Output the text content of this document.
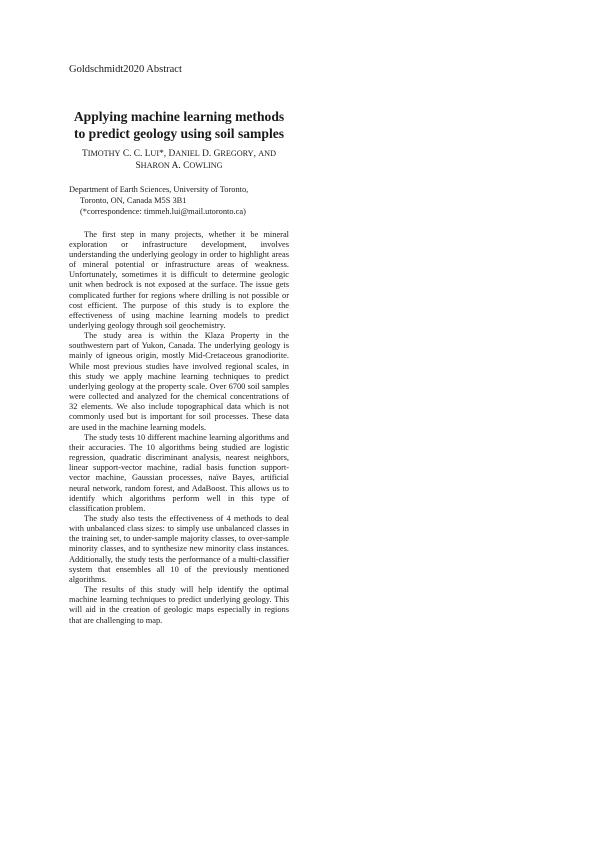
Goldschmidt2020 Abstract
Applying machine learning methods to predict geology using soil samples
TIMOTHY C. C. LUI*, DANIEL D. GREGORY, AND
SHARON A. COWLING
Department of Earth Sciences, University of Toronto,
Toronto, ON, Canada M5S 3B1
(*correspondence: timmeh.lui@mail.utoronto.ca)

The first step in many projects, whether it be mineral exploration or infrastructure development, involves understanding the underlying geology in order to highlight areas of mineral potential or infrastructure areas of weakness. Unfortunately, sometimes it is difficult to determine geologic unit when bedrock is not exposed at the surface. The issue gets complicated further for regions where drilling is not possible or cost efficient. The purpose of this study is to explore the effectiveness of using machine learning models to predict underlying geology through soil geochemistry.

The study area is within the Klaza Property in the southwestern part of Yukon, Canada. The underlying geology is mainly of igneous origin, mostly Mid-Cretaceous granodiorite. While most previous studies have involved regional scales, in this study we apply machine learning techniques to predict underlying geology at the property scale. Over 6700 soil samples were collected and analyzed for the chemical concentrations of 32 elements. We also include topographical data which is not commonly used but is important for soil processes. These data are used in the machine learning models.

The study tests 10 different machine learning algorithms and their accuracies. The 10 algorithms being studied are logistic regression, quadratic discriminant analysis, nearest neighbors, linear support-vector machine, radial basis function support-vector machine, Gaussian processes, naïve Bayes, artificial neural network, random forest, and AdaBoost. This allows us to identify which algorithms perform well in this type of classification problem.

The study also tests the effectiveness of 4 methods to deal with unbalanced class sizes: to simply use unbalanced classes in the training set, to under-sample majority classes, to over-sample minority classes, and to synthesize new minority class instances. Additionally, the study tests the performance of a multi-classifier system that ensembles all 10 of the previously mentioned algorithms.

The results of this study will help identify the optimal machine learning techniques to predict underlying geology. This will aid in the creation of geologic maps especially in regions that are challenging to map.
